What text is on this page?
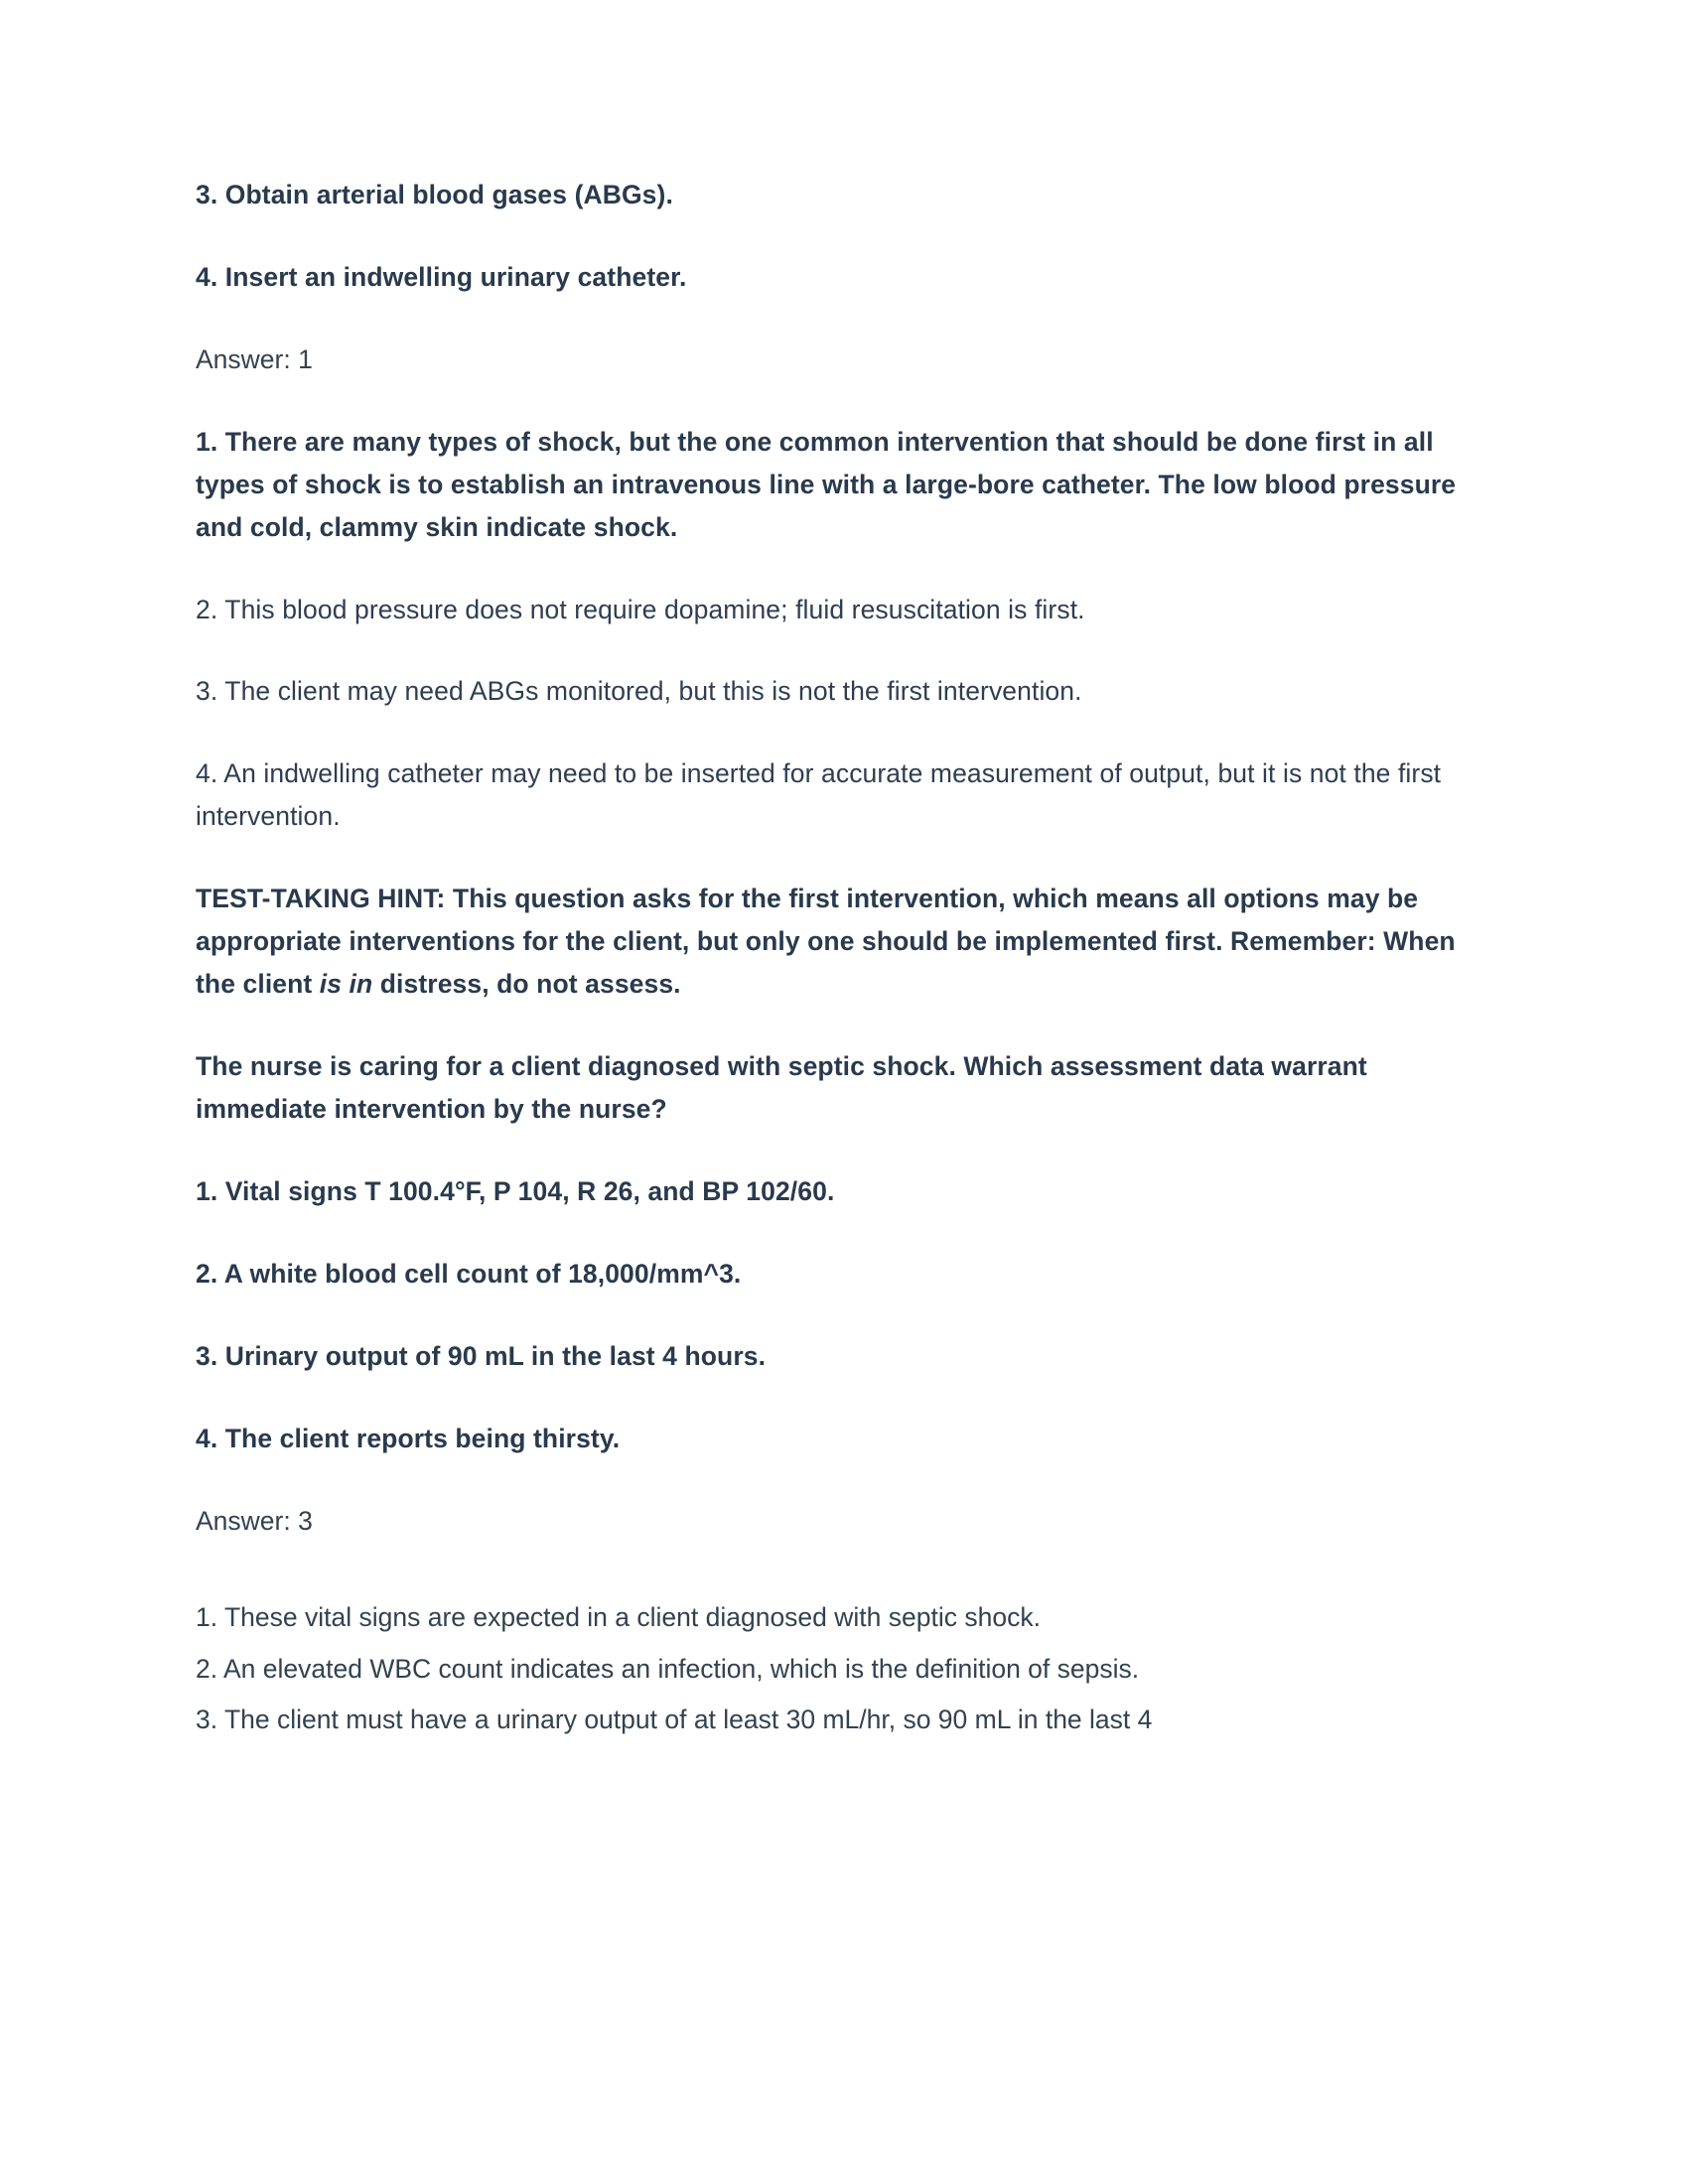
3. Obtain arterial blood gases (ABGs).

4. Insert an indwelling urinary catheter.

Answer: 1

1. There are many types of shock, but the one common intervention that should be done first in all types of shock is to establish an intravenous line with a large-bore catheter. The low blood pressure and cold, clammy skin indicate shock.

2. This blood pressure does not require dopamine; fluid resuscitation is first.

3. The client may need ABGs monitored, but this is not the first intervention.

4. An indwelling catheter may need to be inserted for accurate measurement of output, but it is not the first intervention.

TEST-TAKING HINT: This question asks for the first intervention, which means all options may be appropriate interventions for the client, but only one should be implemented first. Remember: When the client is in distress, do not assess.

The nurse is caring for a client diagnosed with septic shock. Which assessment data warrant immediate intervention by the nurse?

1. Vital signs T 100.4°F, P 104, R 26, and BP 102/60.

2. A white blood cell count of 18,000/mm^3.

3. Urinary output of 90 mL in the last 4 hours.

4. The client reports being thirsty.

Answer: 3

1. These vital signs are expected in a client diagnosed with septic shock.

2. An elevated WBC count indicates an infection, which is the definition of sepsis.

3. The client must have a urinary output of at least 30 mL/hr, so 90 mL in the last 4
